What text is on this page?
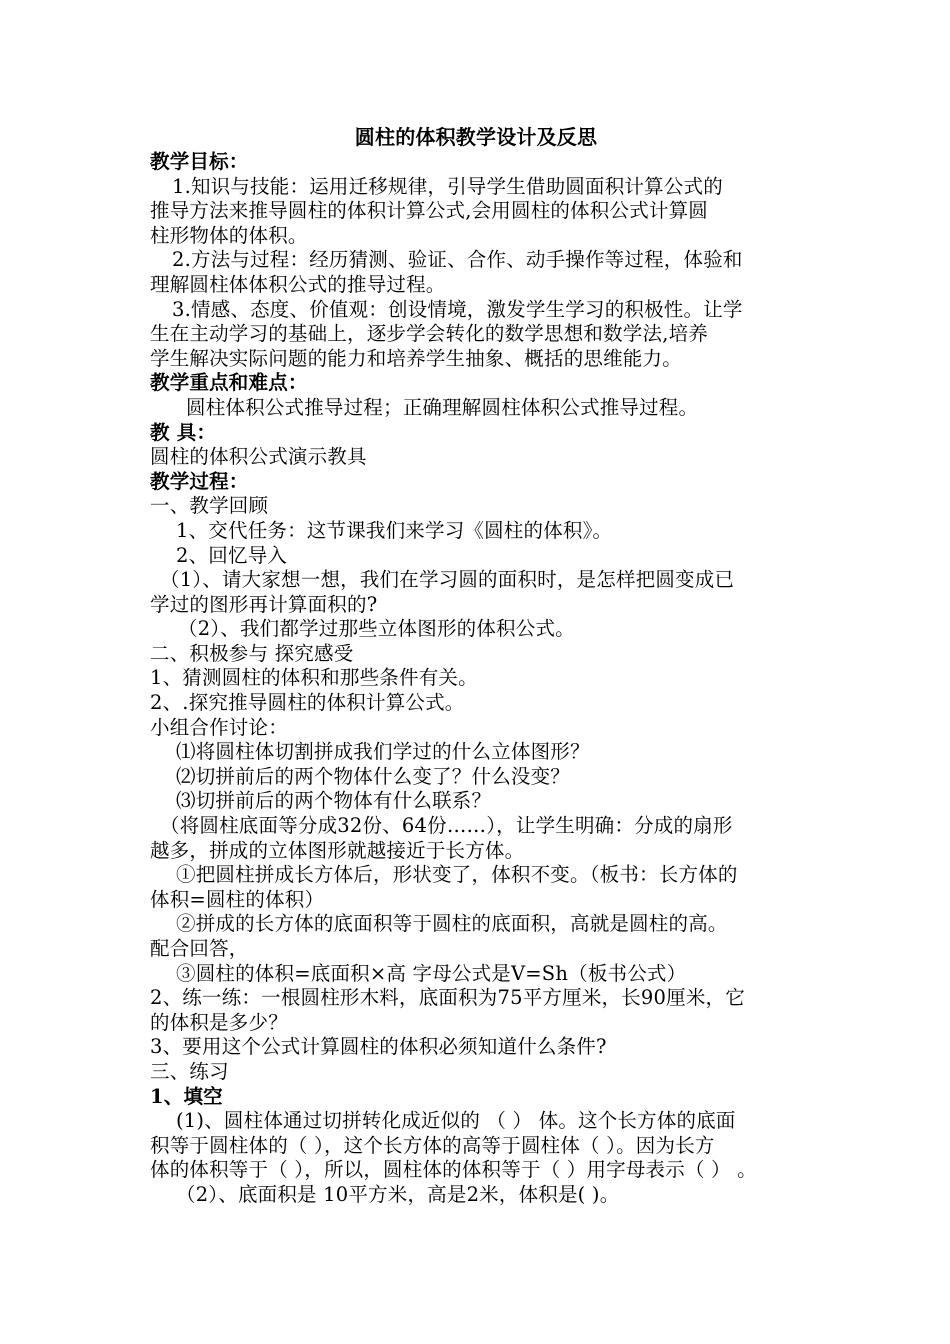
圆柱的体积教学设计及反思
教学目标：
1.知识与技能：运用迁移规律，引导学生借助圆面积计算公式的
推导方法来推导圆柱的体积计算公式,会用圆柱的体积公式计算圆
柱形物体的体积。
2.方法与过程：经历猜测、验证、合作、动手操作等过程，体验和
理解圆柱体体积公式的推导过程。
3.情感、态度、价值观：创设情境，激发学生学习的积极性。让学
生在主动学习的基础上，逐步学会转化的数学思想和数学法,培养
学生解决实际问题的能力和培养学生抽象、概括的思维能力。
教学重点和难点：
圆柱体积公式推导过程；正确理解圆柱体积公式推导过程。
教 具：
圆柱的体积公式演示教具
教学过程：
一、教学回顾
1、交代任务：这节课我们来学习《圆柱的体积》。
2、回忆导入
（1）、请大家想一想，我们在学习圆的面积时，是怎样把圆变成已
学过的图形再计算面积的?
（2）、我们都学过那些立体图形的体积公式。
二、积极参与 探究感受
1、猜测圆柱的体积和那些条件有关。
2、.探究推导圆柱的体积计算公式。
小组合作讨论：
⑴将圆柱体切割拼成我们学过的什么立体图形？
⑵切拼前后的两个物体什么变了？什么没变？
⑶切拼前后的两个物体有什么联系？
（将圆柱底面等分成32份、64份……），让学生明确：分成的扇形
越多，拼成的立体图形就越接近于长方体。
①把圆柱拼成长方体后，形状变了，体积不变。（板书：长方体的
体积=圆柱的体积）
②拼成的长方体的底面积等于圆柱的底面积，高就是圆柱的高。
配合回答，
③圆柱的体积=底面积×高 字母公式是V=Sh（板书公式）
2、练一练：一根圆柱形木料，底面积为75平方厘米，长90厘米，它
的体积是多少？
3、要用这个公式计算圆柱的体积必须知道什么条件?
三、练习
1、填空
(1)、圆柱体通过切拼转化成近似的 （ ） 体。这个长方体的底面
积等于圆柱体的（ ），这个长方体的高等于圆柱体（ ）。因为长方
体的体积等于（ ），所以，圆柱体的体积等于（ ）用字母表示（ ） 。
（2）、底面积是 10平方米，高是2米，体积是( )。
